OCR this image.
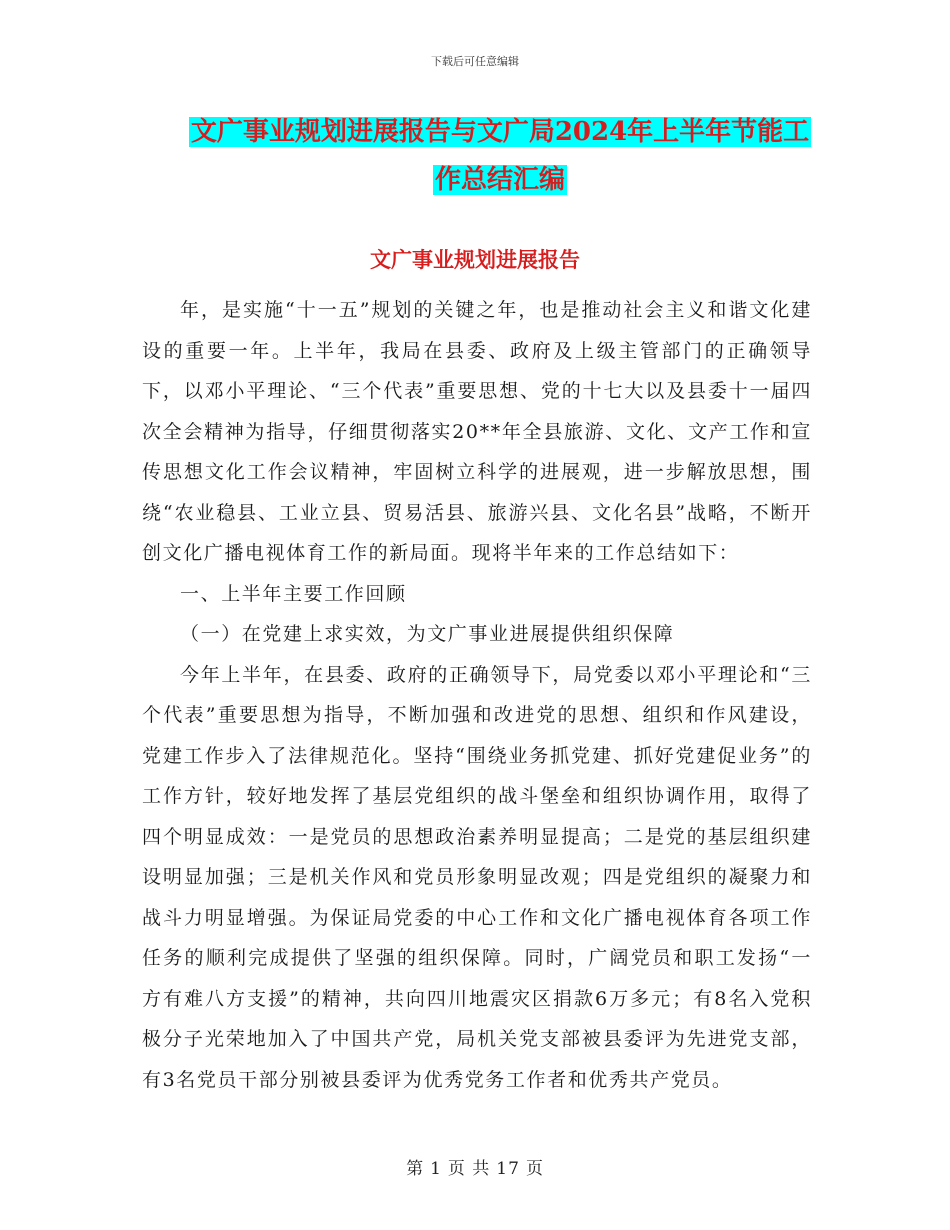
下载后可任意编辑
文广事业规划进展报告与文广局2024年上半年节能工
作总结汇编
文广事业规划进展报告

年，是实施“十一五”规划的关键之年，也是推动社会主义和谐文化建设的重要一年。上半年，我局在县委、政府及上级主管部门的正确领导下，以邓小平理论、“三个代表”重要思想、党的十七大以及县委十一届四次全会精神为指导，仔细贯彻落实20**年全县旅游、文化、文产工作和宣传思想文化工作会议精神，牢固树立科学的进展观，进一步解放思想，围绕“农业稳县、工业立县、贸易活县、旅游兴县、文化名县”战略，不断开创文化广播电视体育工作的新局面。现将半年来的工作总结如下：

一、上半年主要工作回顾

（一）在党建上求实效，为文广事业进展提供组织保障

今年上半年，在县委、政府的正确领导下，局党委以邓小平理论和“三个代表”重要思想为指导，不断加强和改进党的思想、组织和作风建设，党建工作步入了法律规范化。坚持“围绕业务抓党建、抓好党建促业务”的工作方针，较好地发挥了基层党组织的战斗堡垒和组织协调作用，取得了四个明显成效：一是党员的思想政治素养明显提高；二是党的基层组织建设明显加强；三是机关作风和党员形象明显改观；四是党组织的凝聚力和战斗力明显增强。为保证局党委的中心工作和文化广播电视体育各项工作任务的顺利完成提供了坚强的组织保障。同时，广阔党员和职工发扬“一方有难八方支援”的精神，共向四川地震灾区捐款6万多元；有8名入党积极分子光荣地加入了中国共产党，局机关党支部被县委评为先进党支部，有3名党员干部分别被县委评为优秀党务工作者和优秀共产党员。

第 1 页 共 17 页
